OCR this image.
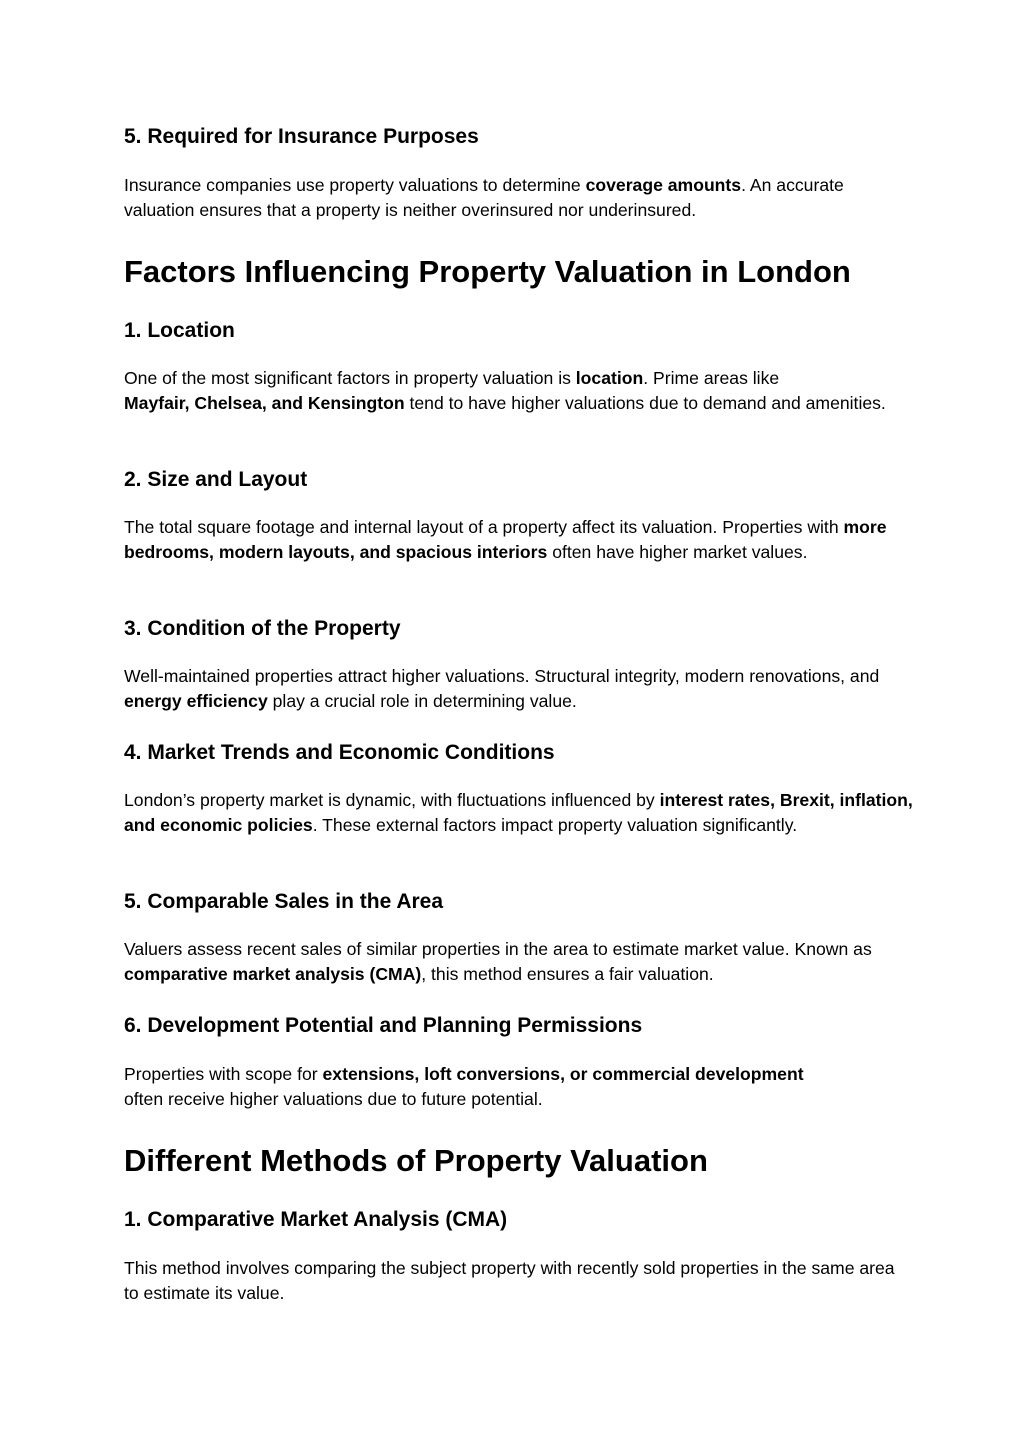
5. Required for Insurance Purposes

Insurance companies use property valuations to determine coverage amounts. An accurate valuation ensures that a property is neither overinsured nor underinsured.

Factors Influencing Property Valuation in London
1. Location

One of the most significant factors in property valuation is location. Prime areas like
Mayfair, Chelsea, and Kensington tend to have higher valuations due to demand and amenities.

2. Size and Layout

The total square footage and internal layout of a property affect its valuation. Properties with more bedrooms, modern layouts, and spacious interiors often have higher market values.

3. Condition of the Property

Well-maintained properties attract higher valuations. Structural integrity, modern renovations, and energy efficiency play a crucial role in determining value.

4. Market Trends and Economic Conditions

London’s property market is dynamic, with fluctuations influenced by interest rates, Brexit, inflation, and economic policies. These external factors impact property valuation significantly.

5. Comparable Sales in the Area

Valuers assess recent sales of similar properties in the area to estimate market value. Known as comparative market analysis (CMA), this method ensures a fair valuation.

6. Development Potential and Planning Permissions

Properties with scope for extensions, loft conversions, or commercial development
often receive higher valuations due to future potential.

Different Methods of Property Valuation
1. Comparative Market Analysis (CMA)

This method involves comparing the subject property with recently sold properties in the same area to estimate its value.
